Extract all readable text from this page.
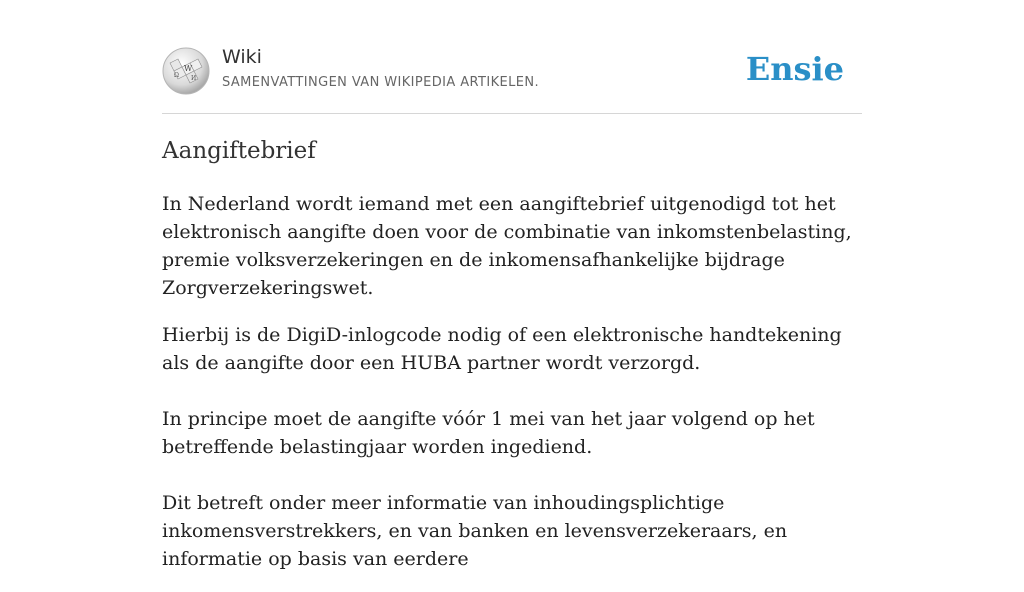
W
Ω И
Wiki
SAMENVATTINGEN VAN WIKIPEDIA ARTIKELEN.	Ensie
Aangiftebrief

In Nederland wordt iemand met een aangiftebrief uitgenodigd tot het elektronisch aangifte doen voor de combinatie van inkomstenbelasting, premie volksverzekeringen en de inkomensafhankelijke bijdrage Zorgverzekeringswet.

Hierbij is de DigiD-inlogcode nodig of een elektronische handtekening als de aangifte door een HUBA partner wordt verzorgd.

In principe moet de aangifte vóór 1 mei van het jaar volgend op het betreffende belastingjaar worden ingediend.

Dit betreft onder meer informatie van inhoudingsplichtige inkomensverstrekkers, en van banken en levensverzekeraars, en informatie op basis van eerdere
